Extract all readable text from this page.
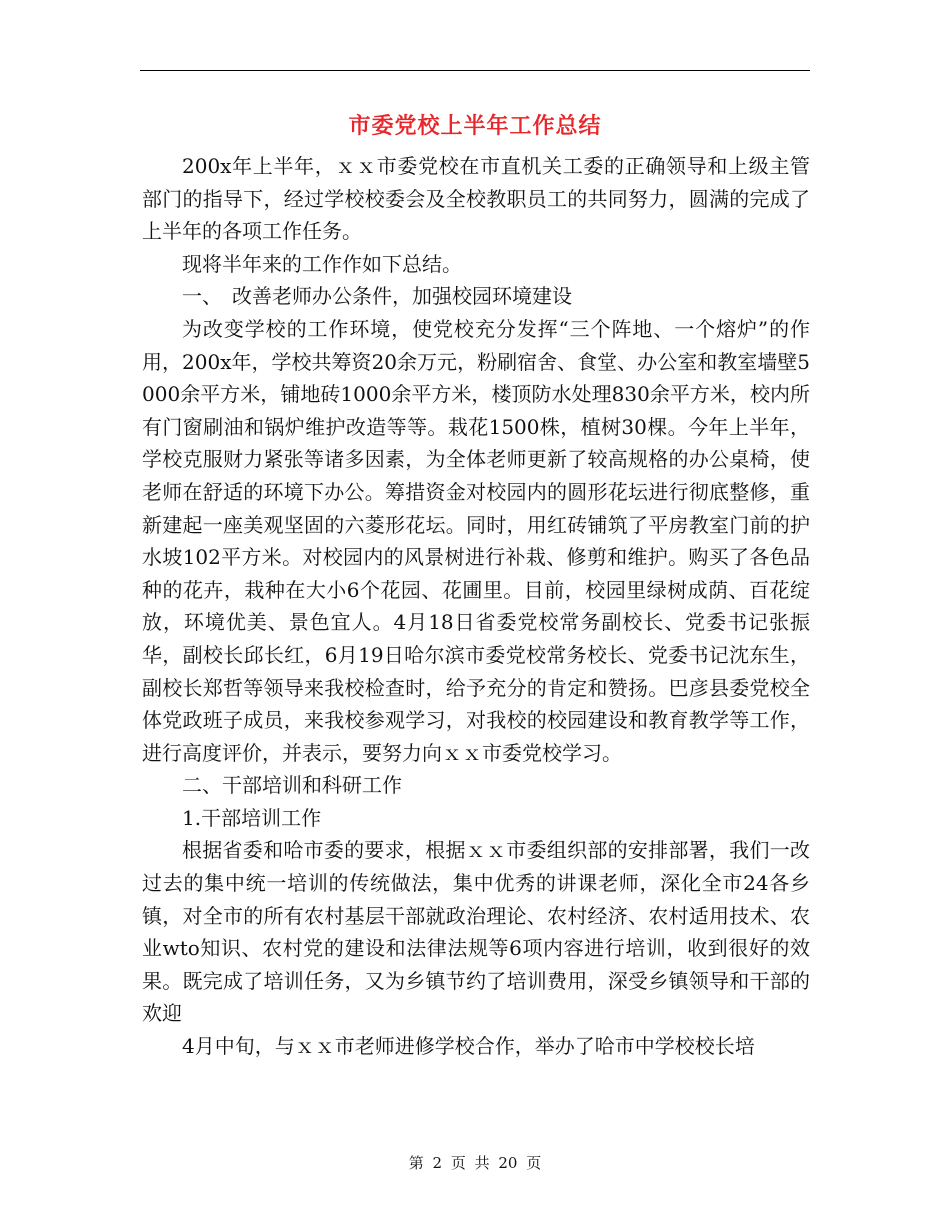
市委党校上半年工作总结

200x年上半年，ｘｘ市委党校在市直机关工委的正确领导和上级主管部门的指导下，经过学校校委会及全校教职员工的共同努力，圆满的完成了上半年的各项工作任务。

现将半年来的工作作如下总结。

一、　改善老师办公条件，加强校园环境建设

为改变学校的工作环境，使党校充分发挥“三个阵地、一个熔炉”的作用，200x年，学校共筹资20余万元，粉刷宿舍、食堂、办公室和教室墙壁5000余平方米，铺地砖1000余平方米，楼顶防水处理830余平方米，校内所有门窗刷油和锅炉维护改造等等。栽花1500株，植树30棵。今年上半年，学校克服财力紧张等诸多因素，为全体老师更新了较高规格的办公桌椅，使老师在舒适的环境下办公。筹措资金对校园内的圆形花坛进行彻底整修，重新建起一座美观坚固的六菱形花坛。同时，用红砖铺筑了平房教室门前的护水坡102平方米。对校园内的风景树进行补栽、修剪和维护。购买了各色品种的花卉，栽种在大小6个花园、花圃里。目前，校园里绿树成荫、百花绽放，环境优美、景色宜人。4月18日省委党校常务副校长、党委书记张振华，副校长邱长红，6月19日哈尔滨市委党校常务校长、党委书记沈东生，副校长郑哲等领导来我校检查时，给予充分的肯定和赞扬。巴彦县委党校全体党政班子成员，来我校参观学习，对我校的校园建设和教育教学等工作，进行高度评价，并表示，要努力向ｘｘ市委党校学习。

二、干部培训和科研工作

1.干部培训工作

根据省委和哈市委的要求，根据ｘｘ市委组织部的安排部署，我们一改过去的集中统一培训的传统做法，集中优秀的讲课老师，深化全市24各乡镇，对全市的所有农村基层干部就政治理论、农村经济、农村适用技术、农业wto知识、农村党的建设和法律法规等6项内容进行培训，收到很好的效果。既完成了培训任务，又为乡镇节约了培训费用，深受乡镇领导和干部的欢迎

4月中旬，与ｘｘ市老师进修学校合作，举办了哈市中学校校长培

第 2 页 共 20 页
